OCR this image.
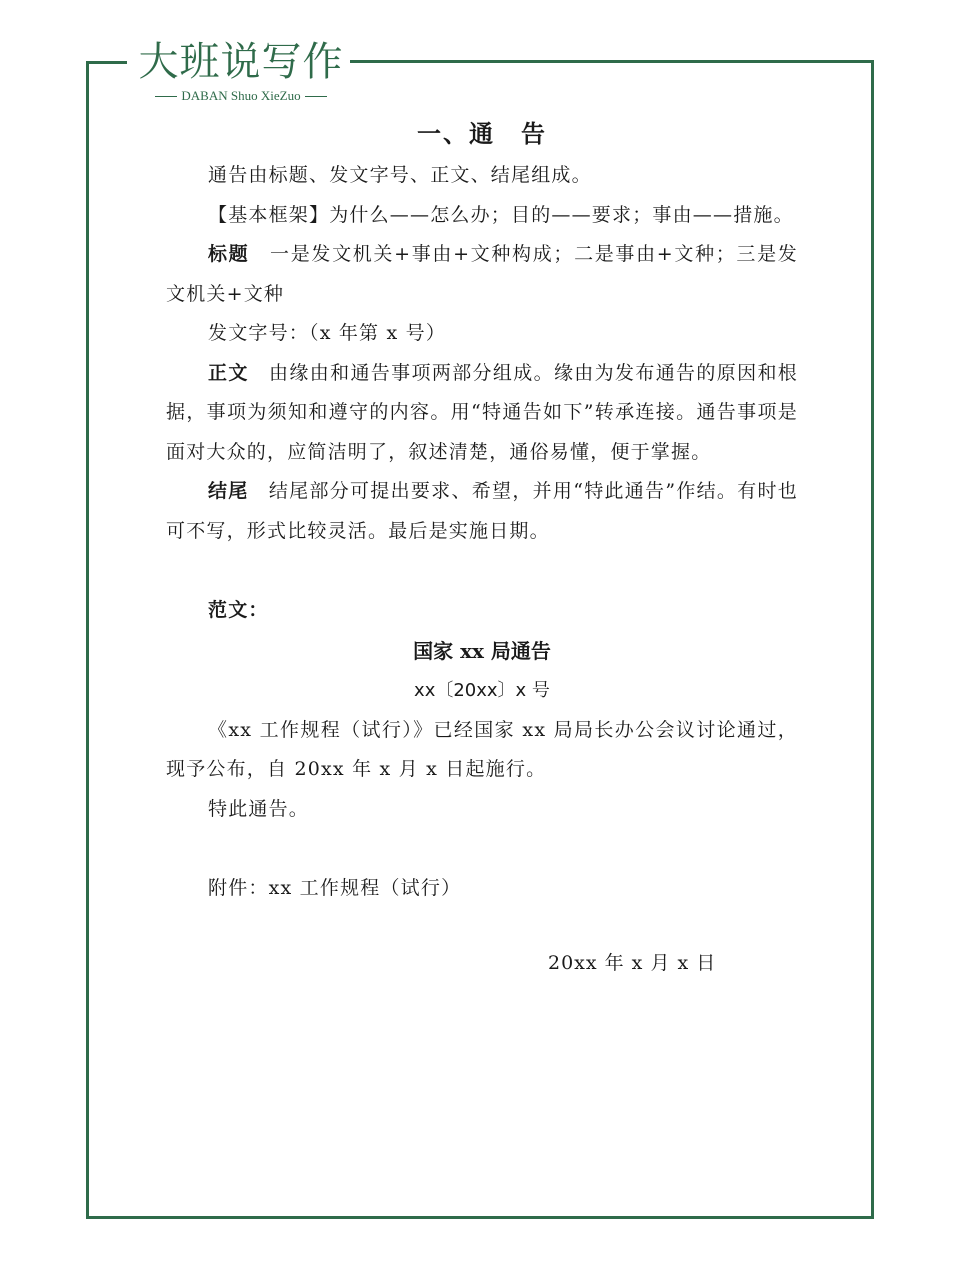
大班说写作
DABAN Shuo XieZuo
一、通　告

通告由标题、发文字号、正文、结尾组成。

【基本框架】为什么——怎么办；目的——要求；事由——措施。

标题　一是发文机关+事由+文种构成；二是事由+文种；三是发文机关+文种

发文字号：（x 年第 x 号）

正文　由缘由和通告事项两部分组成。缘由为发布通告的原因和根据，事项为须知和遵守的内容。用“特通告如下”转承连接。通告事项是面对大众的，应简洁明了，叙述清楚，通俗易懂，便于掌握。

结尾　结尾部分可提出要求、希望，并用“特此通告”作结。有时也可不写，形式比较灵活。最后是实施日期。

范文：

国家 xx 局通告
xx〔20xx〕x 号

《xx 工作规程（试行）》已经国家 xx 局局长办公会议讨论通过，现予公布，自 20xx 年 x 月 x 日起施行。

特此通告。

附件：xx 工作规程（试行）

20xx 年 x 月 x 日
